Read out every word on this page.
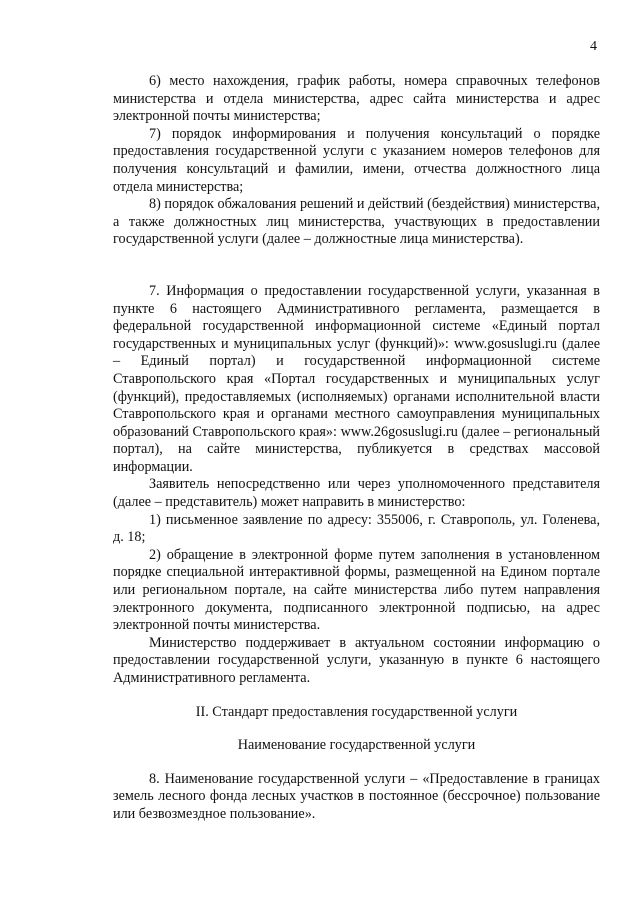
4

6) место нахождения, график работы, номера справочных телефонов министерства и отдела министерства, адрес сайта министерства и адрес электронной почты министерства;

7) порядок информирования и получения консультаций о порядке предоставления государственной услуги с указанием номеров телефонов для получения консультаций и фамилии, имени, отчества должностного лица отдела министерства;

8) порядок обжалования решений и действий (бездействия) министерства, а также должностных лиц министерства, участвующих в предоставлении государственной услуги (далее – должностные лица министерства).

7. Информация о предоставлении государственной услуги, указанная в пункте 6 настоящего Административного регламента, размещается в федеральной государственной информационной системе «Единый портал государственных и муниципальных услуг (функций)»: www.gosuslugi.ru (далее – Единый портал) и государственной информационной системе Ставропольского края «Портал государственных и муниципальных услуг (функций), предоставляемых (исполняемых) органами исполнительной власти Ставропольского края и органами местного самоуправления муниципальных образований Ставропольского края»: www.26gosuslugi.ru (далее – региональный портал), на сайте министерства, публикуется в средствах массовой информации.

Заявитель непосредственно или через уполномоченного представителя (далее – представитель) может направить в министерство:

1) письменное заявление по адресу: 355006, г. Ставрополь, ул. Голенева, д. 18;

2) обращение в электронной форме путем заполнения в установленном порядке специальной интерактивной формы, размещенной на Едином портале или региональном портале, на сайте министерства либо путем направления электронного документа, подписанного электронной подписью, на адрес электронной почты министерства.

Министерство поддерживает в актуальном состоянии информацию о предоставлении государственной услуги, указанную в пункте 6 настоящего Административного регламента.

II. Стандарт предоставления государственной услуги

Наименование государственной услуги

8. Наименование государственной услуги – «Предоставление в границах земель лесного фонда лесных участков в постоянное (бессрочное) пользование или безвозмездное пользование».
